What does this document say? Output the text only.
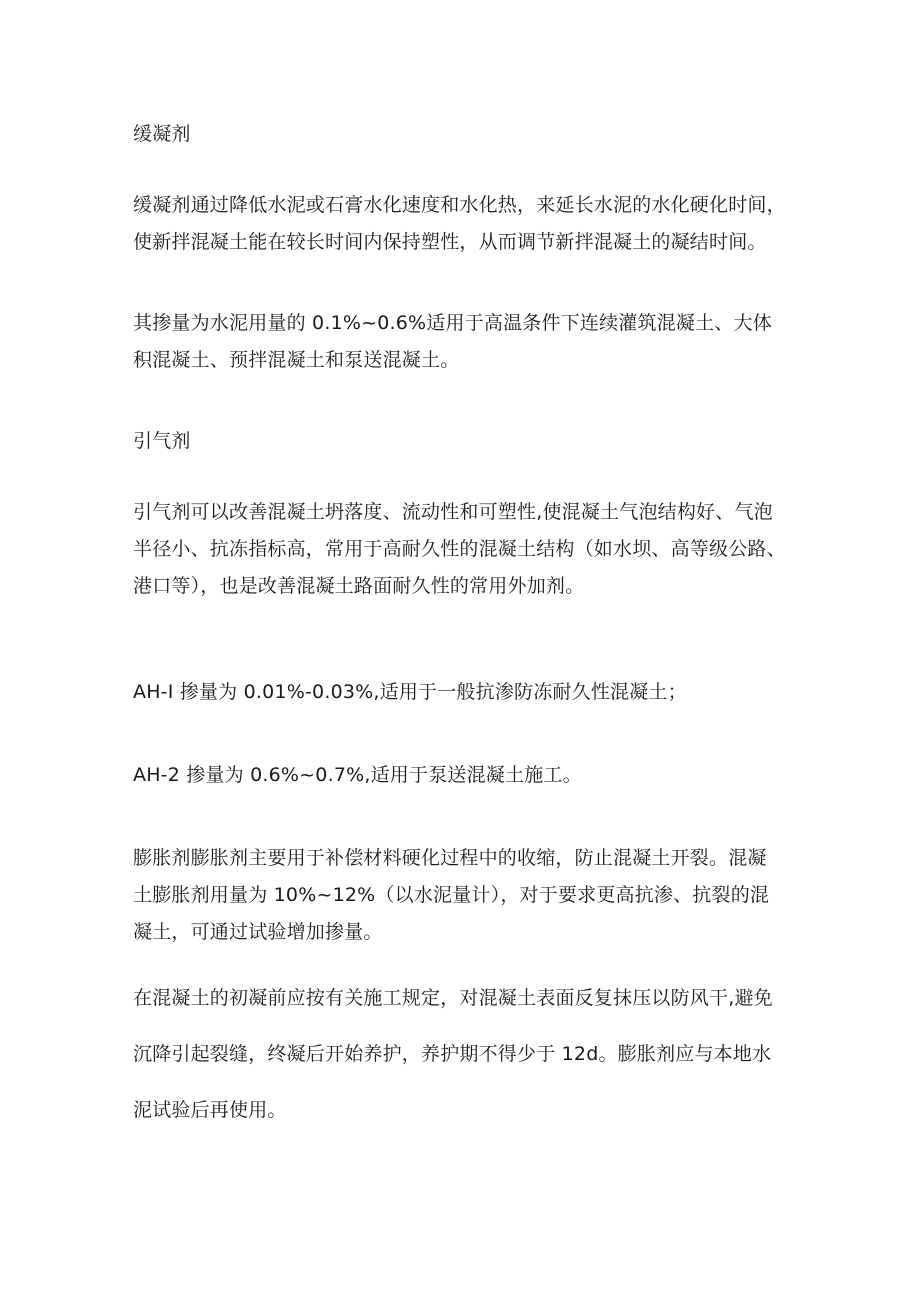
缓凝剂
缓凝剂通过降低水泥或石膏水化速度和水化热，来延长水泥的水化硬化时间，
使新拌混凝土能在较长时间内保持塑性，从而调节新拌混凝土的凝结时间。
其掺量为水泥用量的 0.1%~0.6%适用于高温条件下连续灌筑混凝土、大体
积混凝土、预拌混凝土和泵送混凝土。
引气剂
引气剂可以改善混凝土坍落度、流动性和可塑性,使混凝土气泡结构好、气泡
半径小、抗冻指标高，常用于高耐久性的混凝土结构（如水坝、高等级公路、
港口等），也是改善混凝土路面耐久性的常用外加剂。
AH-I 掺量为 0.01%-0.03%,适用于一般抗渗防冻耐久性混凝土；
AH-2 掺量为 0.6%~0.7%,适用于泵送混凝土施工。
膨胀剂膨胀剂主要用于补偿材料硬化过程中的收缩，防止混凝土开裂。混凝
土膨胀剂用量为 10%~12%（以水泥量计），对于要求更高抗渗、抗裂的混
凝土，可通过试验增加掺量。
在混凝土的初凝前应按有关施工规定，对混凝土表面反复抹压以防风干,避免
沉降引起裂缝，终凝后开始养护，养护期不得少于 12d。膨胀剂应与本地水
泥试验后再使用。
